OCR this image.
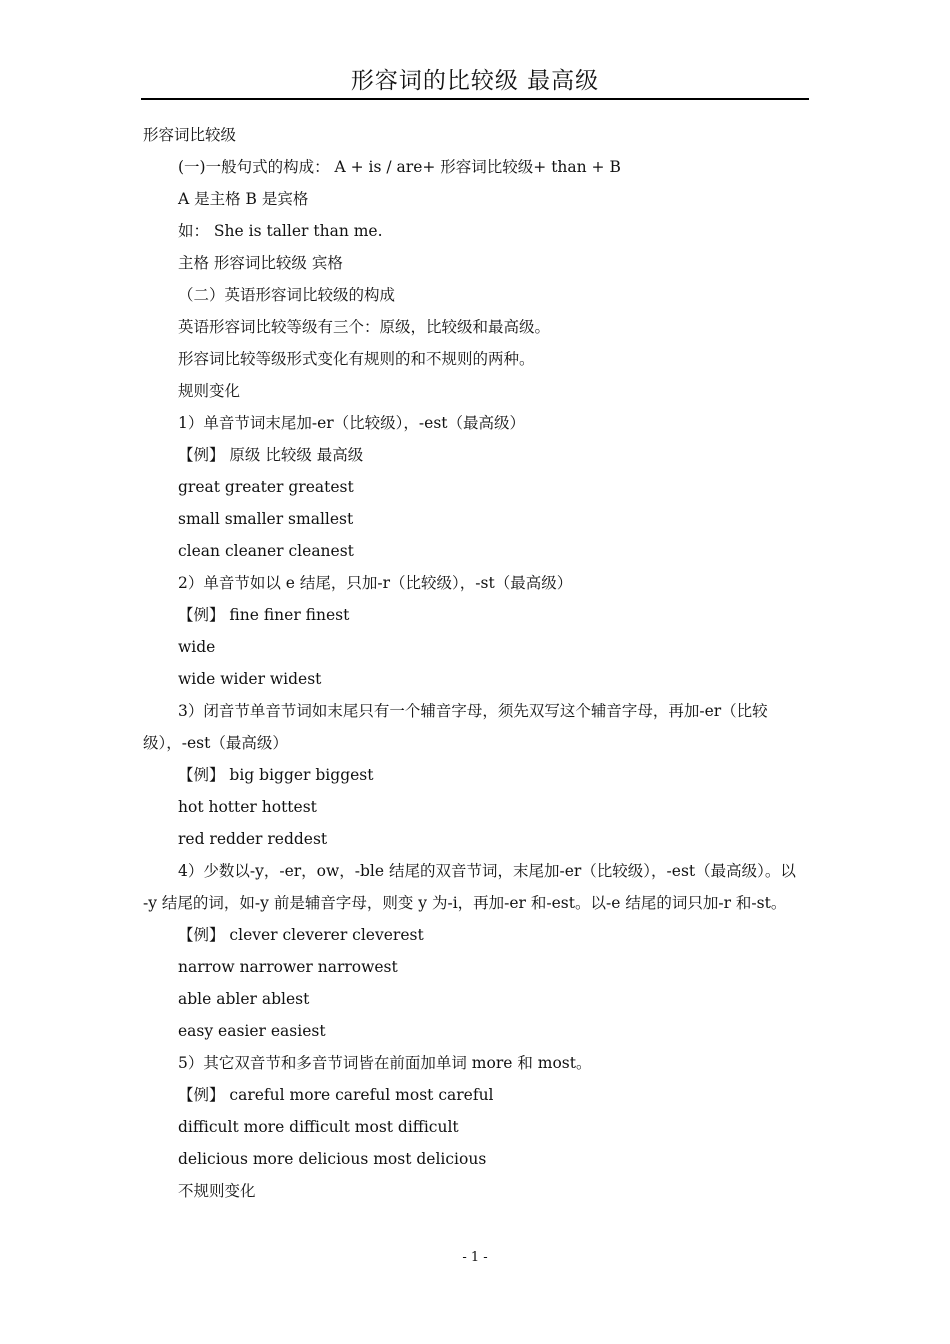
形容词的比较级 最高级
形容词比较级
(一)一般句式的构成： A + is / are+ 形容词比较级+ than + B
A 是主格 B 是宾格
如： She is taller than me.
主格 形容词比较级 宾格
（二）英语形容词比较级的构成
英语形容词比较等级有三个：原级，比较级和最高级。
形容词比较等级形式变化有规则的和不规则的两种。
规则变化
1）单音节词末尾加-er（比较级），-est（最高级）
【例】 原级 比较级 最高级
great greater greatest
small smaller smallest
clean cleaner cleanest
2）单音节如以 e 结尾，只加-r（比较级），-st（最高级）
【例】 fine finer finest
wide
wide wider widest
3）闭音节单音节词如末尾只有一个辅音字母，须先双写这个辅音字母，再加-er（比较
级），-est（最高级）
【例】 big bigger biggest
hot hotter hottest
red redder reddest
4）少数以-y，-er，ow，-ble 结尾的双音节词，末尾加-er（比较级），-est（最高级）。以
-y 结尾的词，如-y 前是辅音字母，则变 y 为-i，再加-er 和-est。以-e 结尾的词只加-r 和-st。
【例】 clever cleverer cleverest
narrow narrower narrowest
able abler ablest
easy easier easiest
5）其它双音节和多音节词皆在前面加单词 more 和 most。
【例】 careful more careful most careful
difficult more difficult most difficult
delicious more delicious most delicious
不规则变化
- 1 -
